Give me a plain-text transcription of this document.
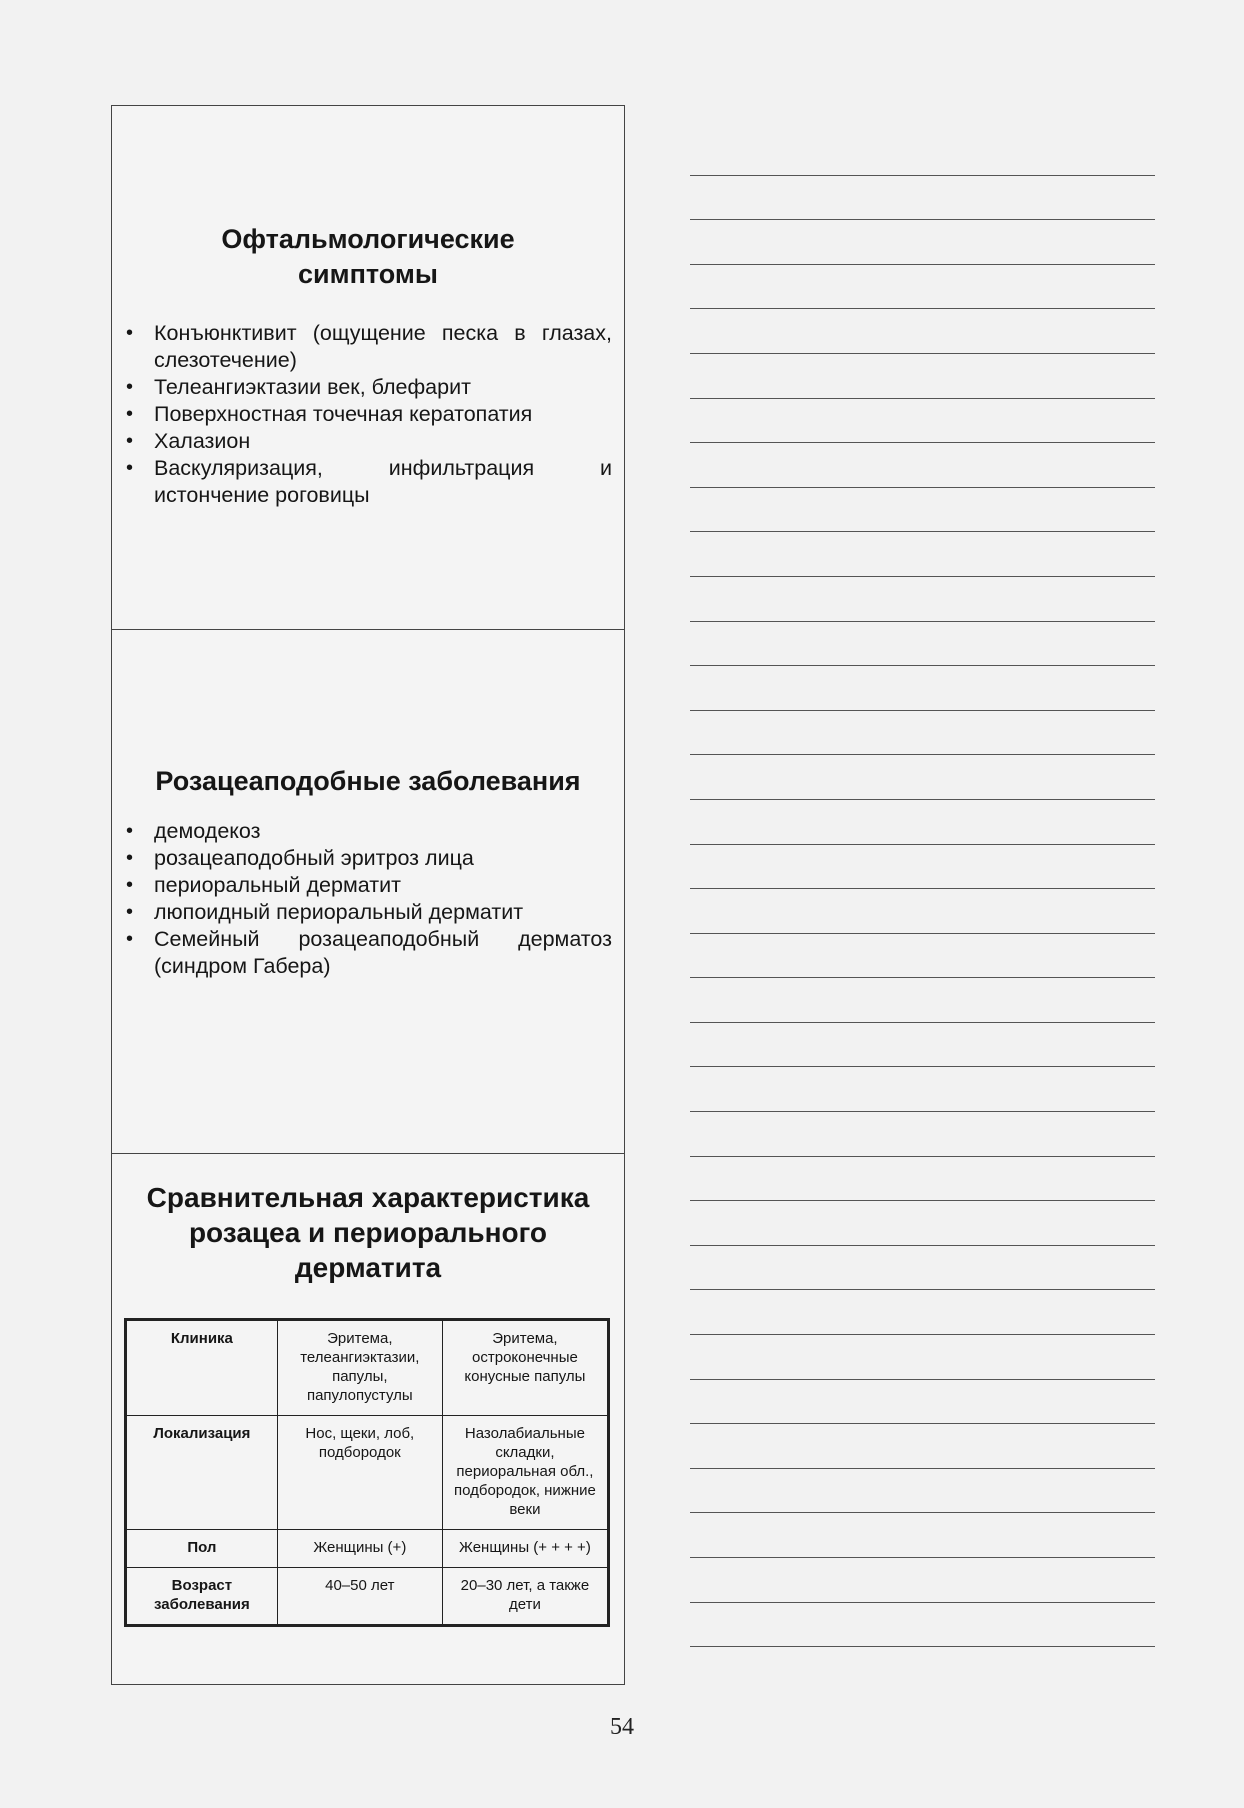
Офтальмологические
симптомы
• Конъюнктивит (ощущение песка в глазах, слезотечение)
• Телеангиэктазии век, блефарит
• Поверхностная точечная кератопатия
• Халазион
• Васкуляризация, инфильтрация и истончение роговицы
Розацеаподобные заболевания
• демодекоз
• розацеаподобный эритроз лица
• периоральный дерматит
• люпоидный периоральный дерматит
• Семейный розацеаподобный дерматоз (синдром Габера)
Сравнительная характеристика
розацеа и периорального
дерматита
Клиника	Эритема, телеангиэктазии, папулы, папулопустулы	Эритема, остроконечные конусные папулы
Локализация	Нос, щеки, лоб, подбородок	Назолабиальные складки, периоральная обл., подбородок, нижние веки
Пол	Женщины (+)	Женщины (+ + + +)
Возраст заболевания	40–50 лет	20–30 лет, а также дети
54
